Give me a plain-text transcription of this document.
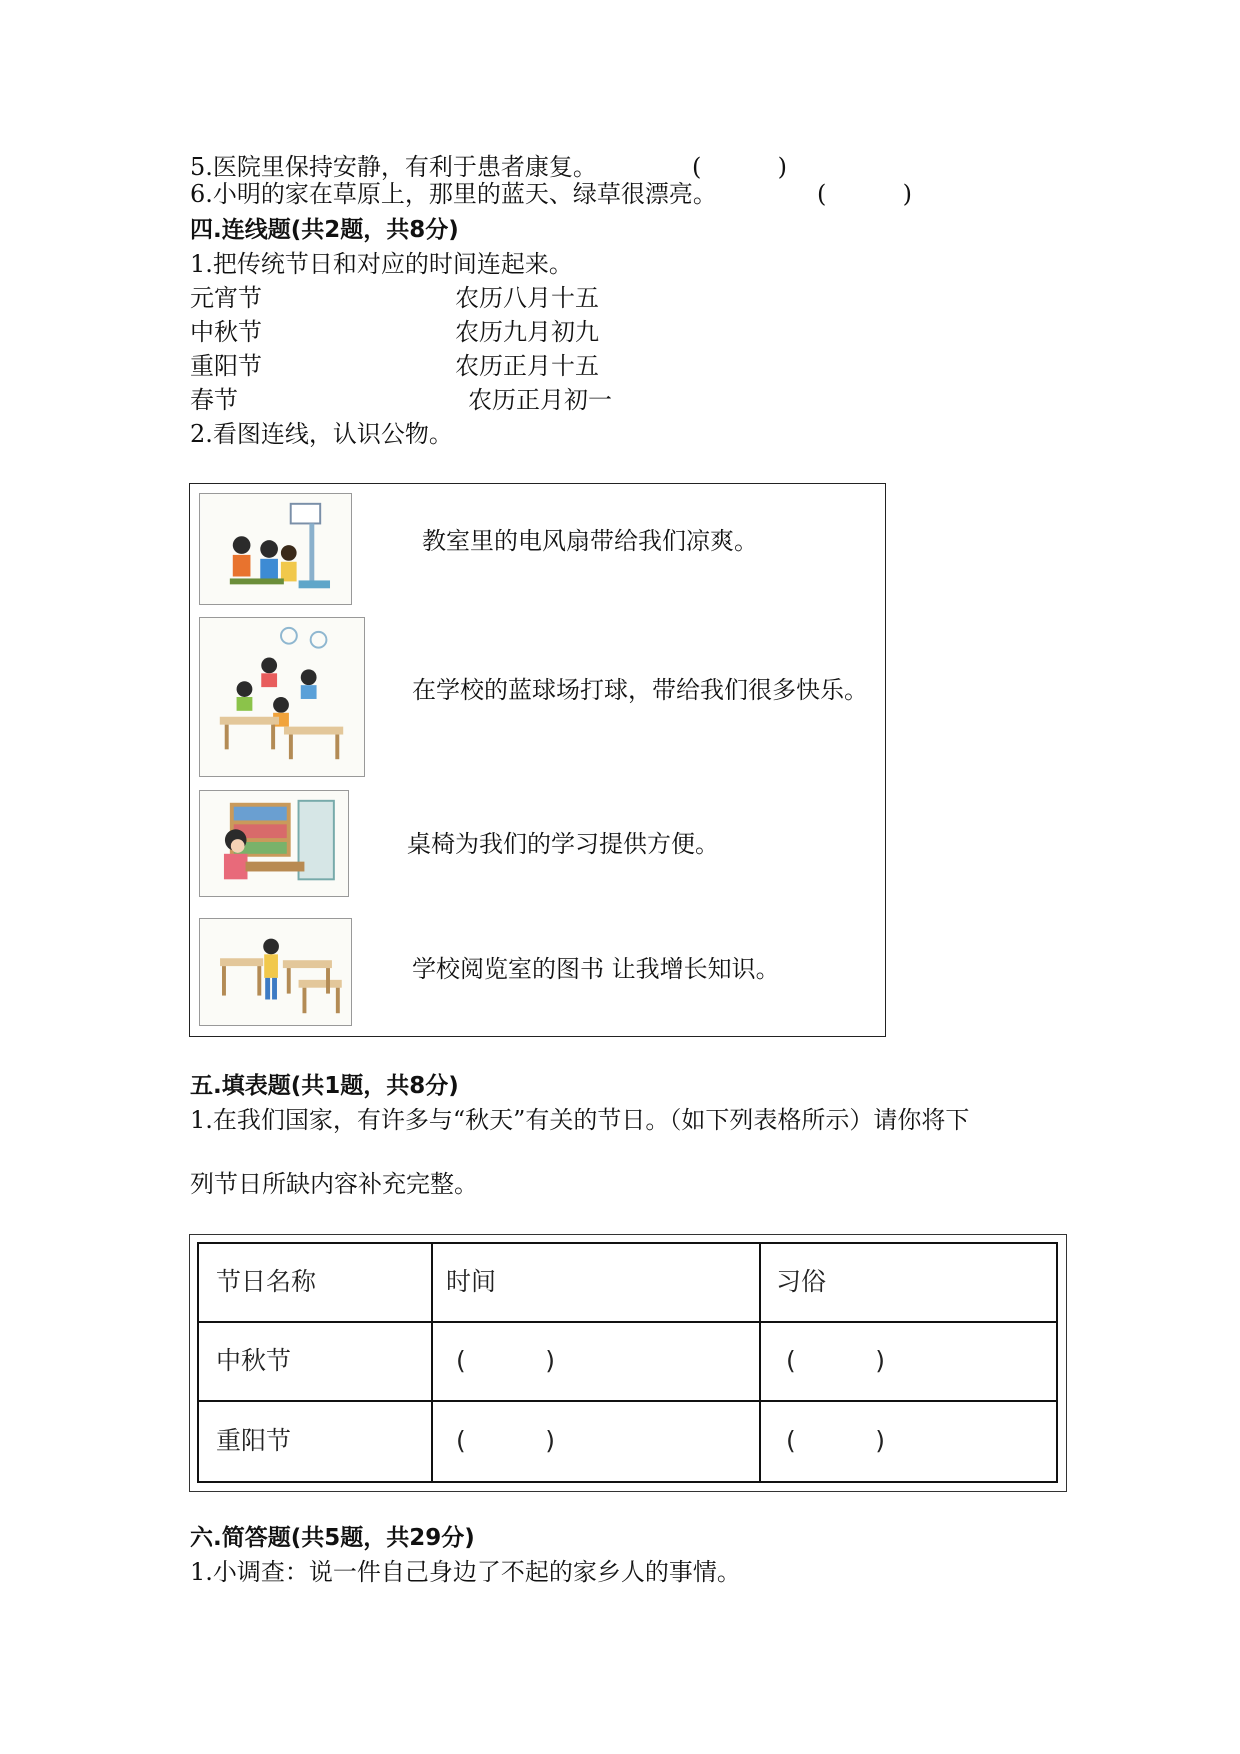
5.医院里保持安静，有利于患者康复。	(          )
6.小明的家在草原上，那里的蓝天、绿草很漂亮。	(          )
四.连线题(共2题，共8分)
1.把传统节日和对应的时间连起来。
元宵节	农历八月十五
中秋节	农历九月初九
重阳节	农历正月十五
春节	农历正月初一
2.看图连线，认识公物。
教室里的电风扇带给我们凉爽。
在学校的蓝球场打球，带给我们很多快乐。
桌椅为我们的学习提供方便。
学校阅览室的图书 让我增长知识。
五.填表题(共1题，共8分)
1.在我们国家，有许多与“秋天”有关的节日。（如下列表格所示）请你将下
列节日所缺内容补充完整。
节日名称	时间	习俗
中秋节	(          )	(          )
重阳节	(          )	(          )
六.简答题(共5题，共29分)
1.小调查：说一件自己身边了不起的家乡人的事情。
